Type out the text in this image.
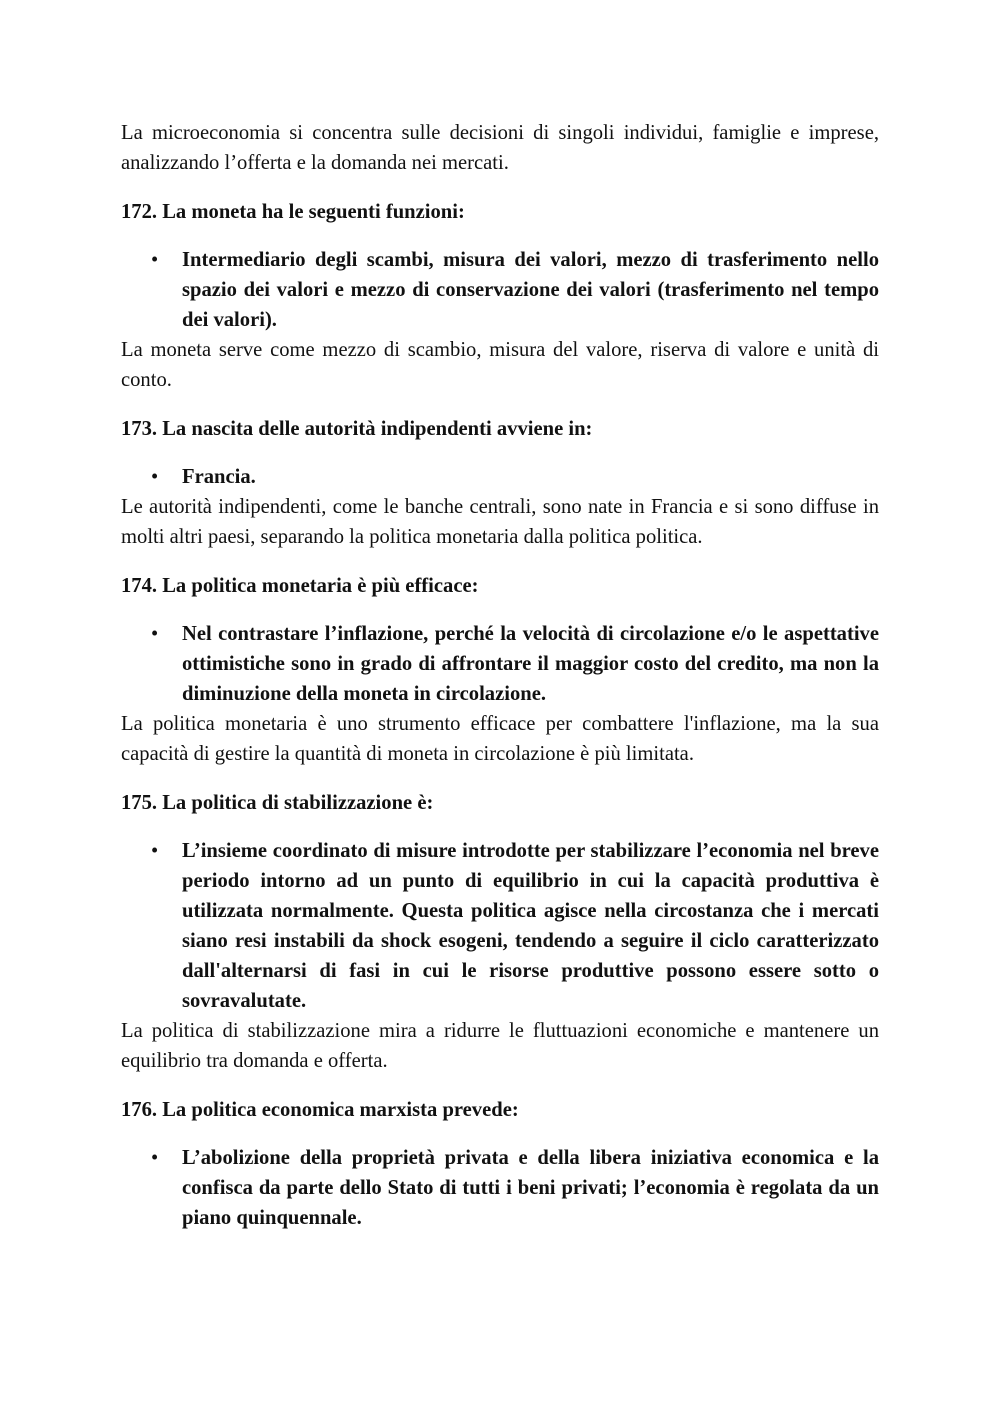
La microeconomia si concentra sulle decisioni di singoli individui, famiglie e imprese, analizzando l’offerta e la domanda nei mercati.

172. La moneta ha le seguenti funzioni:

• Intermediario degli scambi, misura dei valori, mezzo di trasferimento nello spazio dei valori e mezzo di conservazione dei valori (trasferimento nel tempo dei valori).

La moneta serve come mezzo di scambio, misura del valore, riserva di valore e unità di conto.

173. La nascita delle autorità indipendenti avviene in:

• Francia.

Le autorità indipendenti, come le banche centrali, sono nate in Francia e si sono diffuse in molti altri paesi, separando la politica monetaria dalla politica politica.

174. La politica monetaria è più efficace:

• Nel contrastare l’inflazione, perché la velocità di circolazione e/o le aspettative ottimistiche sono in grado di affrontare il maggior costo del credito, ma non la diminuzione della moneta in circolazione.

La politica monetaria è uno strumento efficace per combattere l'inflazione, ma la sua capacità di gestire la quantità di moneta in circolazione è più limitata.

175. La politica di stabilizzazione è:

• L’insieme coordinato di misure introdotte per stabilizzare l’economia nel breve periodo intorno ad un punto di equilibrio in cui la capacità produttiva è utilizzata normalmente. Questa politica agisce nella circostanza che i mercati siano resi instabili da shock esogeni, tendendo a seguire il ciclo caratterizzato dall'alternarsi di fasi in cui le risorse produttive possono essere sotto o sovravalutate.

La politica di stabilizzazione mira a ridurre le fluttuazioni economiche e mantenere un equilibrio tra domanda e offerta.

176. La politica economica marxista prevede:

• L’abolizione della proprietà privata e della libera iniziativa economica e la confisca da parte dello Stato di tutti i beni privati; l’economia è regolata da un piano quinquennale.
